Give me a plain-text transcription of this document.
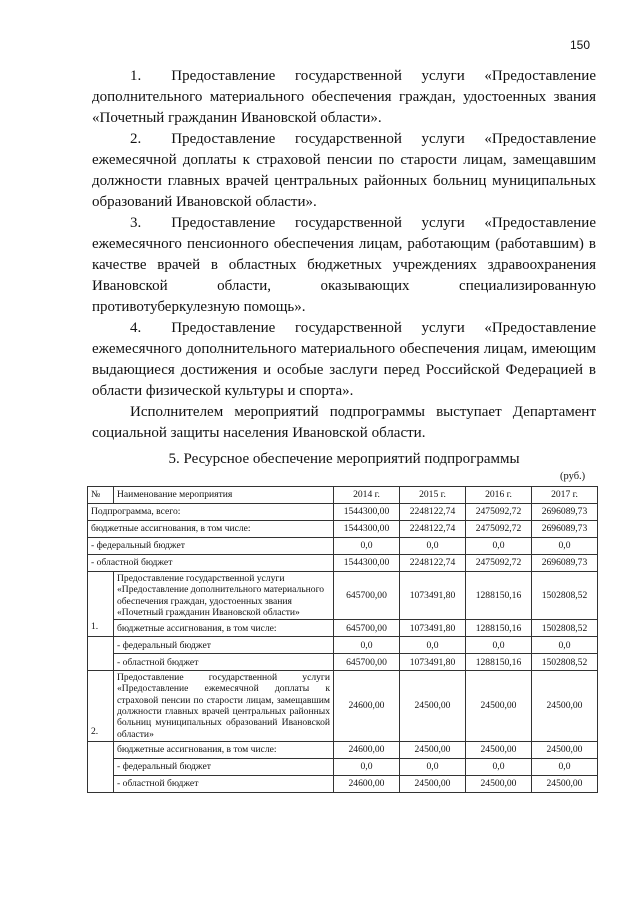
150

1.  Предоставление государственной услуги «Предоставление дополнительного материального обеспечения граждан, удостоенных звания «Почетный гражданин Ивановской области».

2.  Предоставление государственной услуги «Предоставление ежемесячной доплаты к страховой пенсии по старости лицам, замещавшим должности главных врачей центральных районных больниц муниципальных образований Ивановской области».

3.  Предоставление государственной услуги «Предоставление ежемесячного пенсионного обеспечения лицам, работающим (работавшим) в качестве врачей в областных бюджетных учреждениях здравоохранения Ивановской области, оказывающих специализированную противотуберкулезную помощь».

4.  Предоставление государственной услуги «Предоставление ежемесячного дополнительного материального обеспечения лицам, имеющим выдающиеся достижения и особые заслуги перед Российской Федерацией в области физической культуры и спорта».

Исполнителем мероприятий подпрограммы выступает Департамент социальной защиты населения Ивановской области.

5. Ресурсное обеспечение мероприятий подпрограммы
(руб.)
№	Наименование мероприятия	2014 г.	2015 г.	2016 г.	2017 г.
Подпрограмма, всего:		1544300,00	2248122,74	2475092,72	2696089,73
бюджетные ассигнования, в том числе:		1544300,00	2248122,74	2475092,72	2696089,73
- федеральный бюджет		0,0	0,0	0,0	0,0
- областной бюджет		1544300,00	2248122,74	2475092,72	2696089,73
1.	Предоставление государственной услуги «Предоставление дополнительного материального обеспечения граждан, удостоенных звания «Почетный гражданин Ивановской области»	645700,00	1073491,80	1288150,16	1502808,52
	бюджетные ассигнования, в том числе:	645700,00	1073491,80	1288150,16	1502808,52
	- федеральный бюджет	0,0	0,0	0,0	0,0
	- областной бюджет	645700,00	1073491,80	1288150,16	1502808,52
2.	Предоставление государственной услуги «Предоставление ежемесячной доплаты к страховой пенсии по старости лицам, замещавшим должности главных врачей центральных районных больниц муниципальных образований Ивановской области»	24600,00	24500,00	24500,00	24500,00
	бюджетные ассигнования, в том числе:	24600,00	24500,00	24500,00	24500,00
	- федеральный бюджет	0,0	0,0	0,0	0,0
	- областной бюджет	24600,00	24500,00	24500,00	24500,00
